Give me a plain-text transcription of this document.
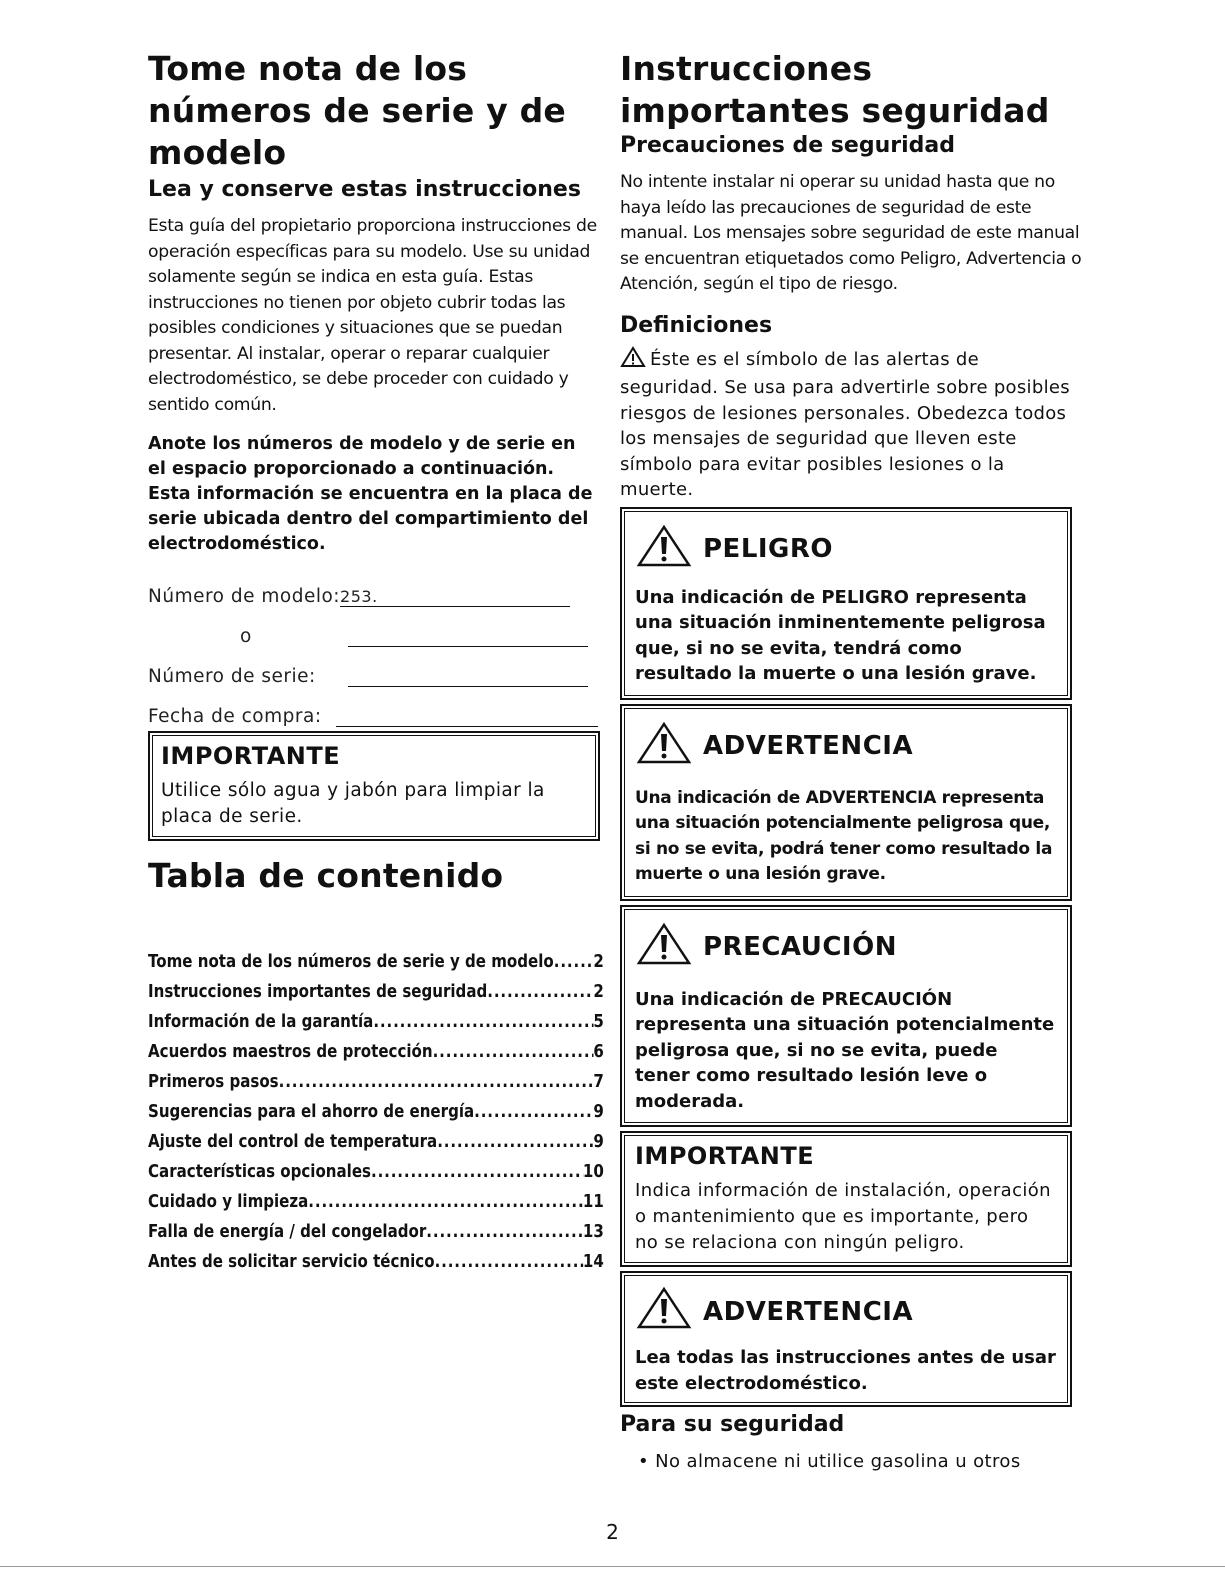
Tome nota de los números de serie y de modelo
Lea y conserve estas instrucciones

Esta guía del propietario proporciona instrucciones de operación específicas para su modelo. Use su unidad solamente según se indica en esta guía. Estas instrucciones no tienen por objeto cubrir todas las posibles condiciones y situaciones que se puedan presentar. Al instalar, operar o reparar cualquier electrodoméstico, se debe proceder con cuidado y sentido común.

Anote los números de modelo y de serie en el espacio proporcionado a continuación. Esta información se encuentra en la placa de serie ubicada dentro del compartimiento del electrodoméstico.

Número de modelo: 253.
o
Número de serie:
Fecha de compra:
IMPORTANTE

Utilice sólo agua y jabón para limpiar la placa de serie.

Tabla de contenido
Tome nota de los números de serie y de modelo ..... 2
Instrucciones importantes de seguridad .....	2
Información de la garantía .....	5
Acuerdos maestros de protección .....	6
Primeros pasos .....	7
Sugerencias para el ahorro de energía .....	9
Ajuste del control de temperatura .....	9
Características opcionales .....	10
Cuidado y limpieza .....	11
Falla de energía / del congelador .....	13
Antes de solicitar servicio técnico .....	14
Instrucciones importantes seguridad
Precauciones de seguridad

No intente instalar ni operar su unidad hasta que no haya leído las precauciones de seguridad de este manual. Los mensajes sobre seguridad de este manual se encuentran etiquetados como Peligro, Advertencia o Atención, según el tipo de riesgo.

Definiciones

Éste es el símbolo de las alertas de seguridad. Se usa para advertirle sobre posibles riesgos de lesiones personales. Obedezca todos los mensajes de seguridad que lleven este símbolo para evitar posibles lesiones o la muerte.

PELIGRO

Una indicación de PELIGRO representa una situación inminentemente peligrosa que, si no se evita, tendrá como resultado la muerte o una lesión grave.

ADVERTENCIA

Una indicación de ADVERTENCIA representa una situación potencialmente peligrosa que, si no se evita, podrá tener como resultado la muerte o una lesión grave.

PRECAUCIÓN

Una indicación de PRECAUCIÓN representa una situación potencialmente peligrosa que, si no se evita, puede tener como resultado lesión leve o moderada.

IMPORTANTE

Indica información de instalación, operación o mantenimiento que es importante, pero no se relaciona con ningún peligro.

ADVERTENCIA

Lea todas las instrucciones antes de usar este electrodoméstico.

Para su seguridad

• No almacene ni utilice gasolina u otros

2
